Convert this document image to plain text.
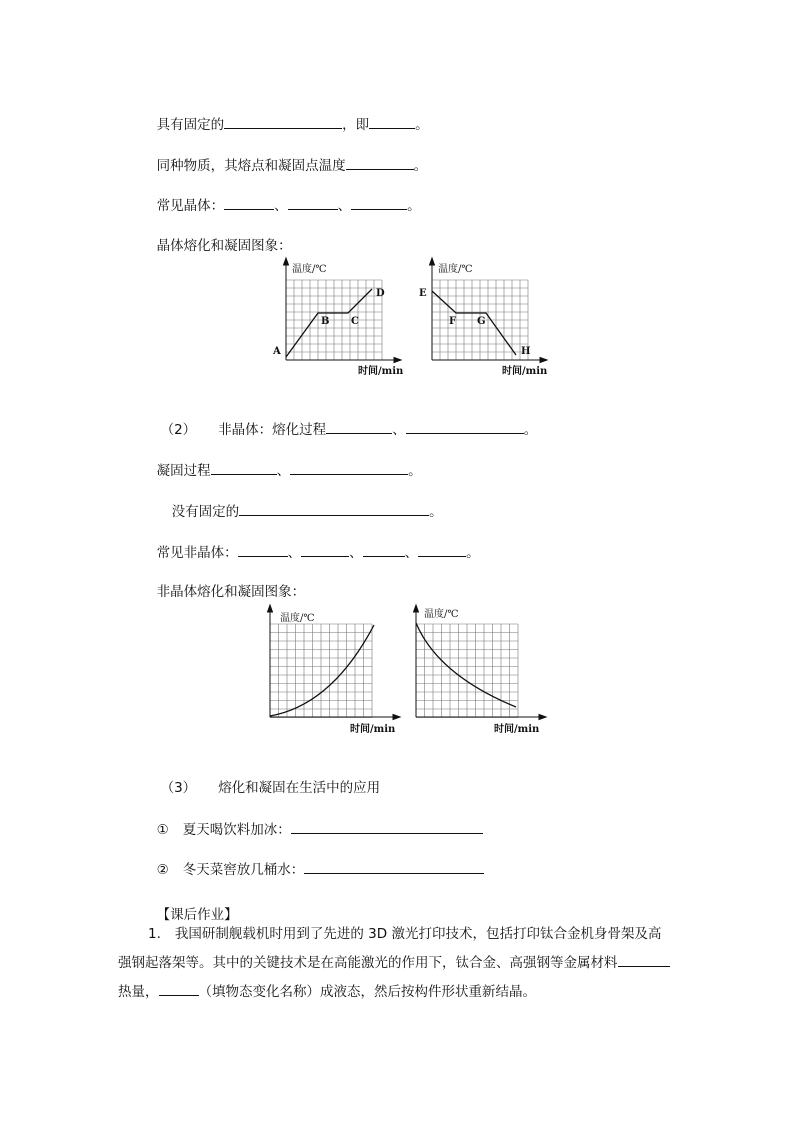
具有固定的	，即	。

同种物质，其熔点和凝固点温度	。

常见晶体：	、	、	。

晶体熔化和凝固图象：

温度/℃
时间/min
A
B C
D
温度/℃
时间/min
E
F G
H

（2） 非晶体：熔化过程	、	。

凝固过程	、	。

没有固定的	。

常见非晶体：	、	、	、	。

非晶体熔化和凝固图象：

温度/℃
时间/min
温度/℃
时间/min

（3） 熔化和凝固在生活中的应用

① 夏天喝饮料加冰：

② 冬天菜窖放几桶水：

【课后作业】

1. 我国研制舰载机时用到了先进的 3D 激光打印技术，包括打印钛合金机身骨架及高
强钢起落架等。其中的关键技术是在高能激光的作用下，钛合金、高强钢等金属材料
热量，	（填物态变化名称）成液态，然后按构件形状重新结晶。
